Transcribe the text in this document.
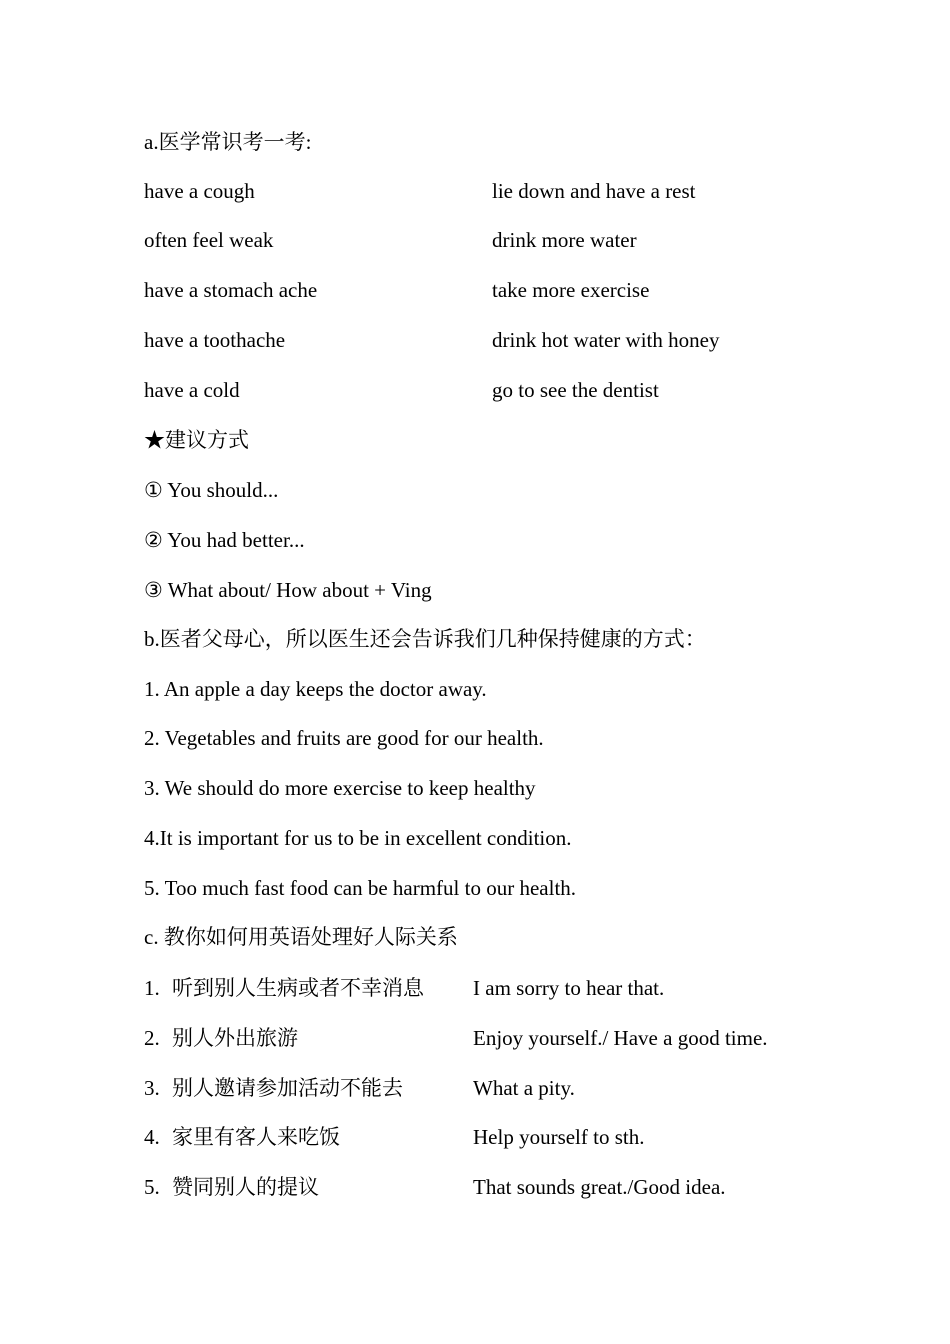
a.医学常识考一考:
have a cough	lie down and have a rest
often feel weak	drink more water
have a stomach ache	take more exercise
have a toothache	drink hot water with honey
have a cold	go to see the dentist
★建议方式
① You should...
② You had better...
③ What about/ How about + Ving
b.医者父母心，所以医生还会告诉我们几种保持健康的方式：
1. An apple a day keeps the doctor away.
2. Vegetables and fruits are good for our health.
3. We should do more exercise to keep healthy
4.It is important for us to be in excellent condition.
5. Too much fast food can be harmful to our health.
c. 教你如何用英语处理好人际关系
1. 听到别人生病或者不幸消息 I am sorry to hear that.
2. 别人外出旅游	Enjoy yourself./ Have a good time.
3. 别人邀请参加活动不能去	What a pity.
4. 家里有客人来吃饭	Help yourself to sth.
5. 赞同别人的提议	That sounds great./Good idea.
